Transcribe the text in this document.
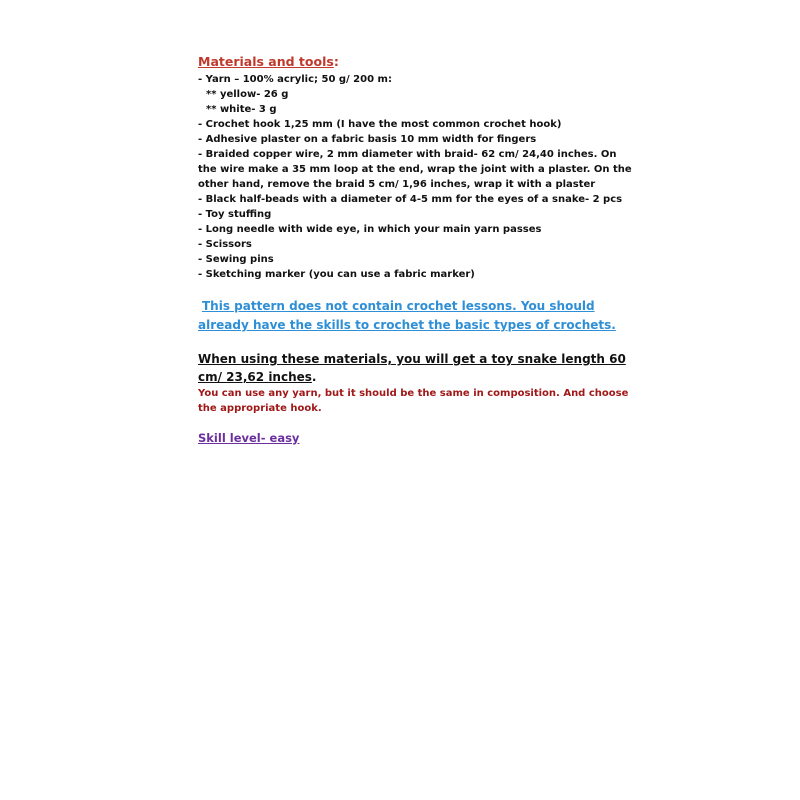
Materials and tools:
- Yarn – 100% acrylic; 50 g/ 200 m:
** yellow- 26 g
** white- 3 g
- Crochet hook 1,25 mm (I have the most common crochet hook)
- Adhesive plaster on a fabric basis 10 mm width for fingers
- Braided copper wire, 2 mm diameter with braid- 62 cm/ 24,40 inches. On the wire make a 35 mm loop at the end, wrap the joint with a plaster. On the other hand, remove the braid 5 cm/ 1,96 inches, wrap it with a plaster
- Black half-beads with a diameter of 4-5 mm for the eyes of a snake- 2 pcs
- Toy stuffing
- Long needle with wide eye, in which your main yarn passes
- Scissors
- Sewing pins
- Sketching marker (you can use a fabric marker)
This pattern does not contain crochet lessons. You should already have the skills to crochet the basic types of crochets.
When using these materials, you will get a toy snake length 60 cm/ 23,62 inches.
You can use any yarn, but it should be the same in composition. And choose the appropriate hook.
Skill level- easy
